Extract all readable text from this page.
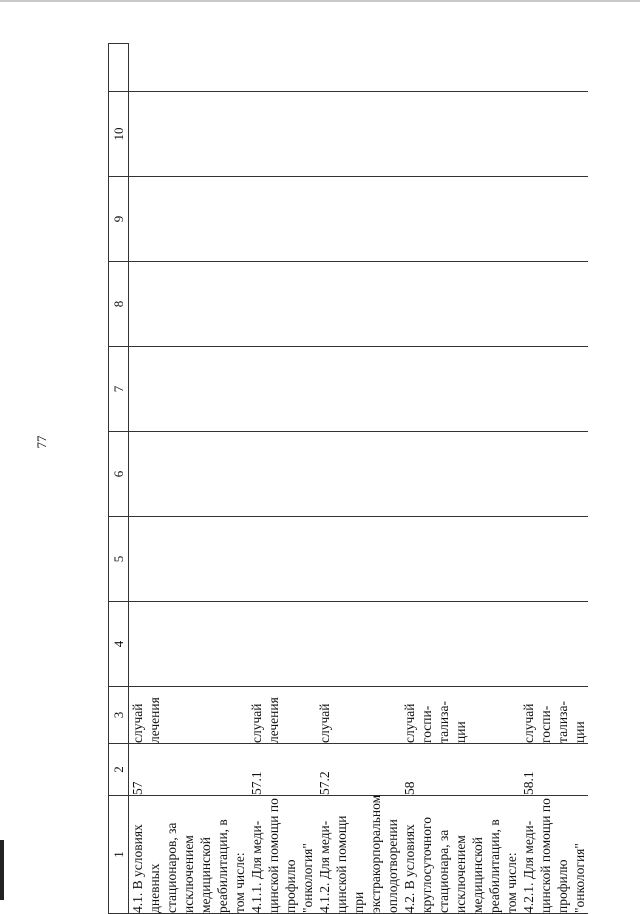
77
1	2	3	4	5	6	7	8	9	10	
4.1. В условиях дневных стационаров, за исключением медицинской реабилитации, в том числе:	57	случай лечения								
4.1.1. Для меди- цинской помощи по профилю "онкология"	57.1	случай лечения								
4.1.2. Для меди- цинской помощи при экстракорпоральном оплодотворении	57.2	случай								
4.2. В условиях круглосуточного стационара, за исключением медицинской реабилитации, в том числе:	58	случай госпи- тализа- ции								
4.2.1. Для меди- цинской помощи по профилю "онкология"	58.1	случай госпи- тализа- ции								
